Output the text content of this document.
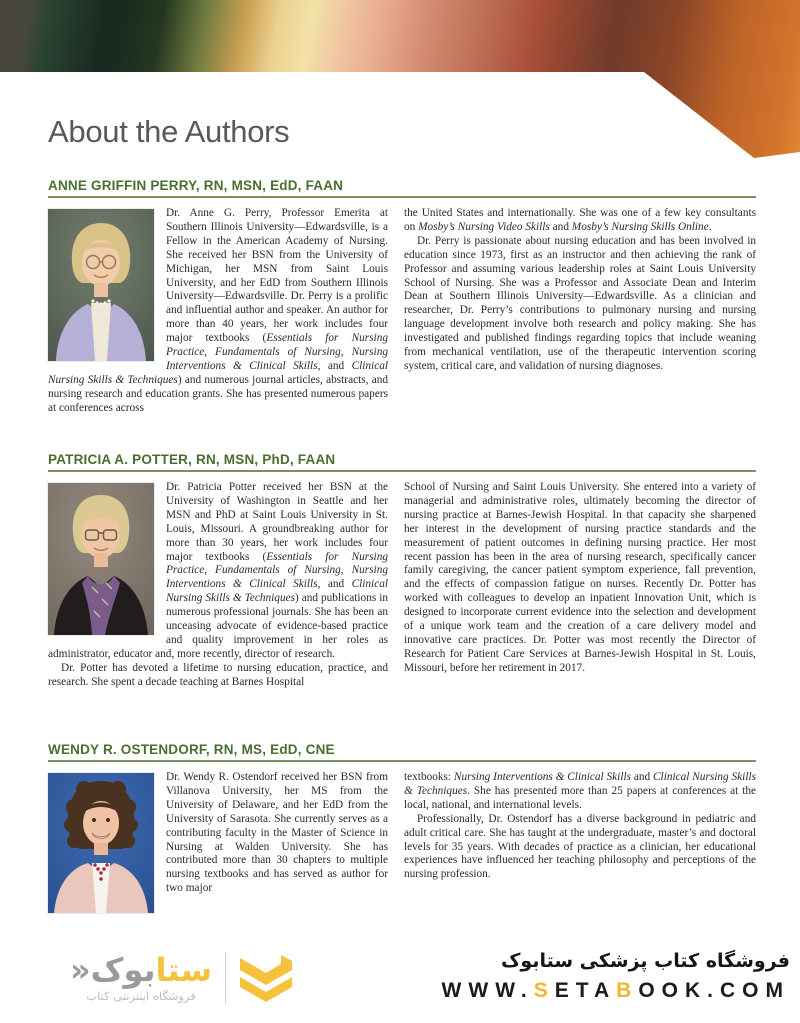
About the Authors
ANNE GRIFFIN PERRY, RN, MSN, EdD, FAAN

Dr. Anne G. Perry, Professor Emerita at Southern Illinois University—Edwardsville, is a Fellow in the American Academy of Nursing. She received her BSN from the University of Michigan, her MSN from Saint Louis University, and her EdD from Southern Illinois University—Edwardsville. Dr. Perry is a prolific and influential author and speaker. An author for more than 40 years, her work includes four major textbooks (Essentials for Nursing Practice, Fundamentals of Nursing, Nursing Interventions & Clinical Skills, and Clinical Nursing Skills & Techniques) and numerous journal articles, abstracts, and nursing research and education grants. She has presented numerous papers at conferences across

the United States and internationally. She was one of a few key consultants on Mosby’s Nursing Video Skills and Mosby’s Nursing Skills Online.

Dr. Perry is passionate about nursing education and has been involved in education since 1973, first as an instructor and then achieving the rank of Professor and assuming various leadership roles at Saint Louis University School of Nursing. She was a Professor and Associate Dean and Interim Dean at Southern Illinois University—Edwardsville. As a clinician and researcher, Dr. Perry’s contributions to pulmonary nursing and nursing language development involve both research and policy making. She has investigated and published findings regarding topics that include weaning from mechanical ventilation, use of the therapeutic intervention scoring system, critical care, and validation of nursing diagnoses.

PATRICIA A. POTTER, RN, MSN, PhD, FAAN

Dr. Patricia Potter received her BSN at the University of Washington in Seattle and her MSN and PhD at Saint Louis University in St. Louis, Missouri. A groundbreaking author for more than 30 years, her work includes four major textbooks (Essentials for Nursing Practice, Fundamentals of Nursing, Nursing Interventions & Clinical Skills, and Clinical Nursing Skills & Techniques) and publications in numerous professional journals. She has been an unceasing advocate of evidence-based practice and quality improvement in her roles as administrator, educator and, more recently, director of research.

Dr. Potter has devoted a lifetime to nursing education, practice, and research. She spent a decade teaching at Barnes Hospital

School of Nursing and Saint Louis University. She entered into a variety of managerial and administrative roles, ultimately becoming the director of nursing practice at Barnes-Jewish Hospital. In that capacity she sharpened her interest in the development of nursing practice standards and the measurement of patient outcomes in defining nursing practice. Her most recent passion has been in the area of nursing research, specifically cancer family caregiving, the cancer patient symptom experience, fall prevention, and the effects of compassion fatigue on nurses. Recently Dr. Potter has worked with colleagues to develop an inpatient Innovation Unit, which is designed to incorporate current evidence into the selection and development of a unique work team and the creation of a care delivery model and innovative care practices. Dr. Potter was most recently the Director of Research for Patient Care Services at Barnes-Jewish Hospital in St. Louis, Missouri, before her retirement in 2017.

WENDY R. OSTENDORF, RN, MS, EdD, CNE

Dr. Wendy R. Ostendorf received her BSN from Villanova University, her MS from the University of Delaware, and her EdD from the University of Sarasota. She currently serves as a contributing faculty in the Master of Science in Nursing at Walden University. She has contributed more than 30 chapters to multiple nursing textbooks and has served as author for two major

textbooks: Nursing Interventions & Clinical Skills and Clinical Nursing Skills & Techniques. She has presented more than 25 papers at conferences at the local, national, and international levels.

Professionally, Dr. Ostendorf has a diverse background in pediatric and adult critical care. She has taught at the undergraduate, master’s and doctoral levels for 35 years. With decades of practice as a clinician, her educational experiences have influenced her teaching philosophy and perceptions of the nursing profession.

ستابوک«
فروشگاه اینترنتی کتاب
فروشگاه کتاب پزشکی ستابوک
WWW.SETABOOK.COM
